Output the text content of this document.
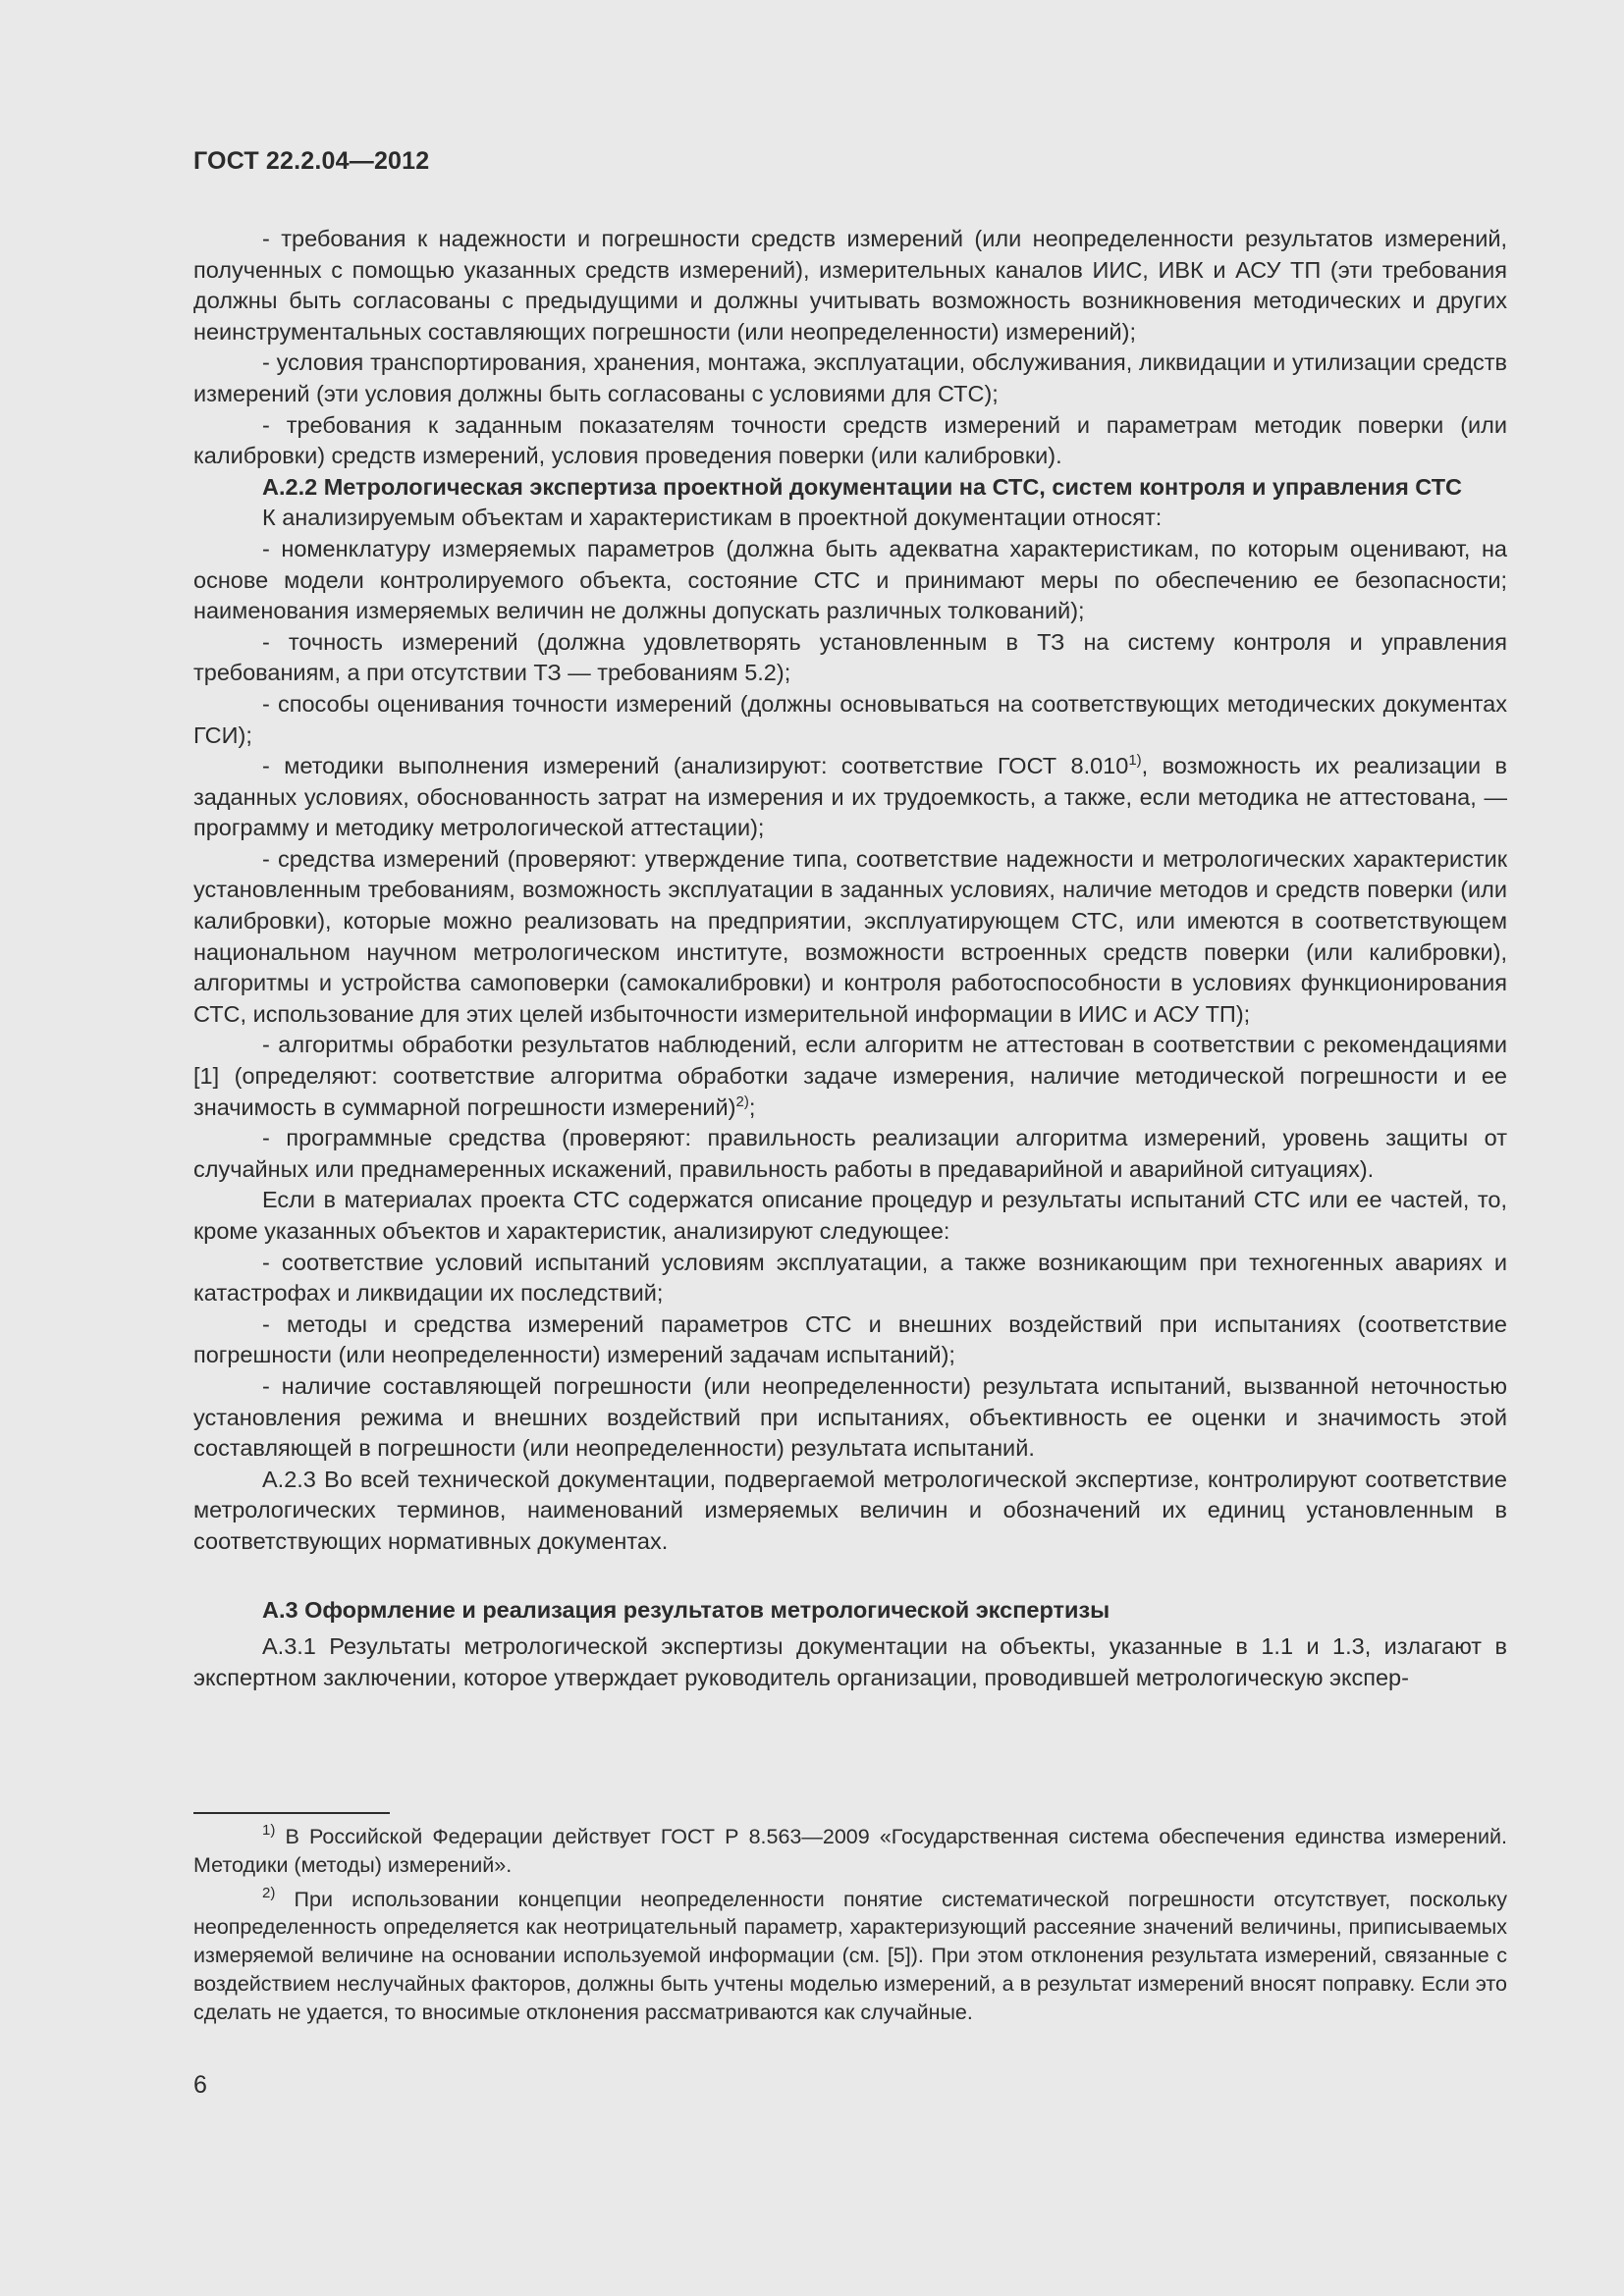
ГОСТ 22.2.04—2012

- требования к надежности и погрешности средств измерений (или неопределенности результатов измерений, полученных с помощью указанных средств измерений), измерительных каналов ИИС, ИВК и АСУ ТП (эти требования должны быть согласованы с предыдущими и должны учитывать возможность возникновения методических и других неинструментальных составляющих погрешности (или неопределенности) измерений);

- условия транспортирования, хранения, монтажа, эксплуатации, обслуживания, ликвидации и утилизации средств измерений (эти условия должны быть согласованы с условиями для СТС);

- требования к заданным показателям точности средств измерений и параметрам методик поверки (или калибровки) средств измерений, условия проведения поверки (или калибровки).

А.2.2 Метрологическая экспертиза проектной документации на СТС, систем контроля и управления СТС

К анализируемым объектам и характеристикам в проектной документации относят:

- номенклатуру измеряемых параметров (должна быть адекватна характеристикам, по которым оценивают, на основе модели контролируемого объекта, состояние СТС и принимают меры по обеспечению ее безопасности; наименования измеряемых величин не должны допускать различных толкований);

- точность измерений (должна удовлетворять установленным в ТЗ на систему контроля и управления требованиям, а при отсутствии ТЗ — требованиям 5.2);

- способы оценивания точности измерений (должны основываться на соответствующих методических документах ГСИ);

- методики выполнения измерений (анализируют: соответствие ГОСТ 8.010$^{1)}$, возможность их реализации в заданных условиях, обоснованность затрат на измерения и их трудоемкость, а также, если методика не аттестована, — программу и методику метрологической аттестации);

- средства измерений (проверяют: утверждение типа, соответствие надежности и метрологических характеристик установленным требованиям, возможность эксплуатации в заданных условиях, наличие методов и средств поверки (или калибровки), которые можно реализовать на предприятии, эксплуатирующем СТС, или имеются в соответствующем национальном научном метрологическом институте, возможности встроенных средств поверки (или калибровки), алгоритмы и устройства самоповерки (самокалибровки) и контроля работоспособности в условиях функционирования СТС, использование для этих целей избыточности измерительной информации в ИИС и АСУ ТП);

- алгоритмы обработки результатов наблюдений, если алгоритм не аттестован в соответствии с рекомендациями [1] (определяют: соответствие алгоритма обработки задаче измерения, наличие методической погрешности и ее значимость в суммарной погрешности измерений)$^{2)}$;

- программные средства (проверяют: правильность реализации алгоритма измерений, уровень защиты от случайных или преднамеренных искажений, правильность работы в предаварийной и аварийной ситуациях).

Если в материалах проекта СТС содержатся описание процедур и результаты испытаний СТС или ее частей, то, кроме указанных объектов и характеристик, анализируют следующее:

- соответствие условий испытаний условиям эксплуатации, а также возникающим при техногенных авариях и катастрофах и ликвидации их последствий;

- методы и средства измерений параметров СТС и внешних воздействий при испытаниях (соответствие погрешности (или неопределенности) измерений задачам испытаний);

- наличие составляющей погрешности (или неопределенности) результата испытаний, вызванной неточностью установления режима и внешних воздействий при испытаниях, объективность ее оценки и значимость этой составляющей в погрешности (или неопределенности) результата испытаний.

А.2.3 Во всей технической документации, подвергаемой метрологической экспертизе, контролируют соответствие метрологических терминов, наименований измеряемых величин и обозначений их единиц установленным в соответствующих нормативных документах.

А.3 Оформление и реализация результатов метрологической экспертизы

А.3.1 Результаты метрологической экспертизы документации на объекты, указанные в 1.1 и 1.3, излагают в экспертном заключении, которое утверждает руководитель организации, проводившей метрологическую экспер-

$^{1)}$ В Российской Федерации действует ГОСТ Р 8.563—2009 «Государственная система обеспечения единства измерений. Методики (методы) измерений».

$^{2)}$ При использовании концепции неопределенности понятие систематической погрешности отсутствует, поскольку неопределенность определяется как неотрицательный параметр, характеризующий рассеяние значений величины, приписываемых измеряемой величине на основании используемой информации (см. [5]). При этом отклонения результата измерений, связанные с воздействием неслучайных факторов, должны быть учтены моделью измерений, а в результат измерений вносят поправку. Если это сделать не удается, то вносимые отклонения рассматриваются как случайные.

6
